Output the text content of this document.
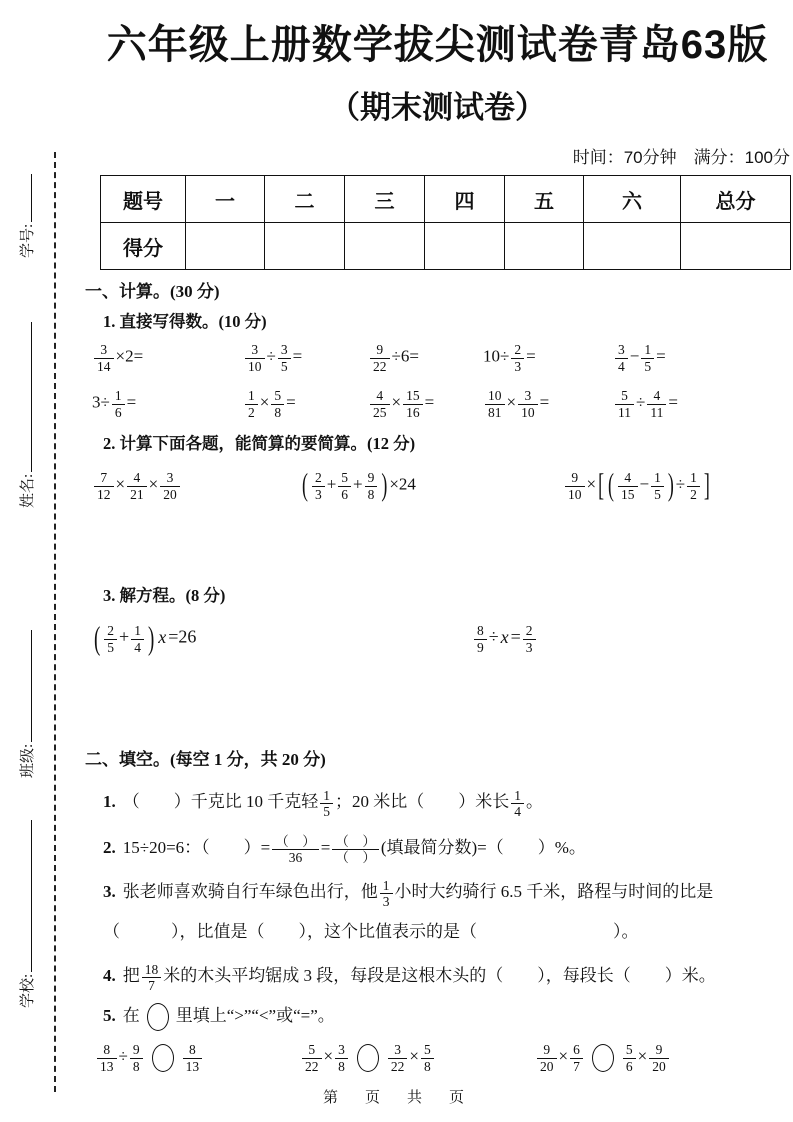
学号:
姓名:
班级:
学校:
六年级上册数学拔尖测试卷青岛63版
（期末测试卷）
时间：70分钟　满分：100分
题号	一	二	三	四	五	六	总分
得分							
一、计算。(30 分)
1. 直接写得数。(10 分)
$\frac{3}{14} \times 2=$	$\frac{3}{10} \div \frac{3}{5}$ =	$\frac{9}{22} \div 6=$	$10\div \frac{2}{3}$ =	$\frac{3}{4} - \frac{1}{5}$ =
$3\div \frac{1}{6}$ =	$\frac{1}{2} \times \frac{5}{8}$ =	$\frac{4}{25} \times \frac{15}{16}$ =	$\frac{10}{81} \times \frac{3}{10}$ =	$\frac{5}{11} \div \frac{4}{11}$ =
2. 计算下面各题，能简算的要简算。(12 分)
$\frac{7}{12} \times \frac{4}{21} \times \frac{3}{20}$	( $\frac{2}{3} + \frac{5}{6} + \frac{9}{8}$ ) ×24	$\frac{9}{10}$ × [ ( $\frac{4}{15} - \frac{1}{5}$ ) ÷ $\frac{1}{2}$ ]
3. 解方程。(8 分)
( $\frac{2}{5} + \frac{1}{4}$ ) x =26	$\frac{8}{9} \div x = \frac{2}{3}$
二、填空。(每空 1 分，共 20 分)
1. （　　）千克比 10 千克轻 $\frac{1}{5}$ ；20 米比（　　）米长 $\frac{1}{4}$ 。
2. 15÷20=6：（　　）= $\frac{( )}{36} = \frac{( )}{( )}$ (填最简分数)=（　　）%。
3. 张老师喜欢骑自行车绿色出行，他 $\frac{1}{3}$ 小时大约骑行 6.5 千米，路程与时间的比是（　　　），比值是（　　），这个比值表示的是（　　　　　　　　）。
4. 把 $\frac{18}{7}$ 米的木头平均锯成 3 段，每段是这根木头的（　　），每段长（　　）米。
5. 在 里填上“>”“<”或“=”。
$\frac{8}{13} \div \frac{9}{8}$	$\frac{8}{13}$	$\frac{5}{22} \times \frac{3}{8}$	$\frac{3}{22} \times \frac{5}{8}$	$\frac{9}{20} \times \frac{6}{7}$	$\frac{5}{6} \times \frac{9}{20}$
第　页　共　页
